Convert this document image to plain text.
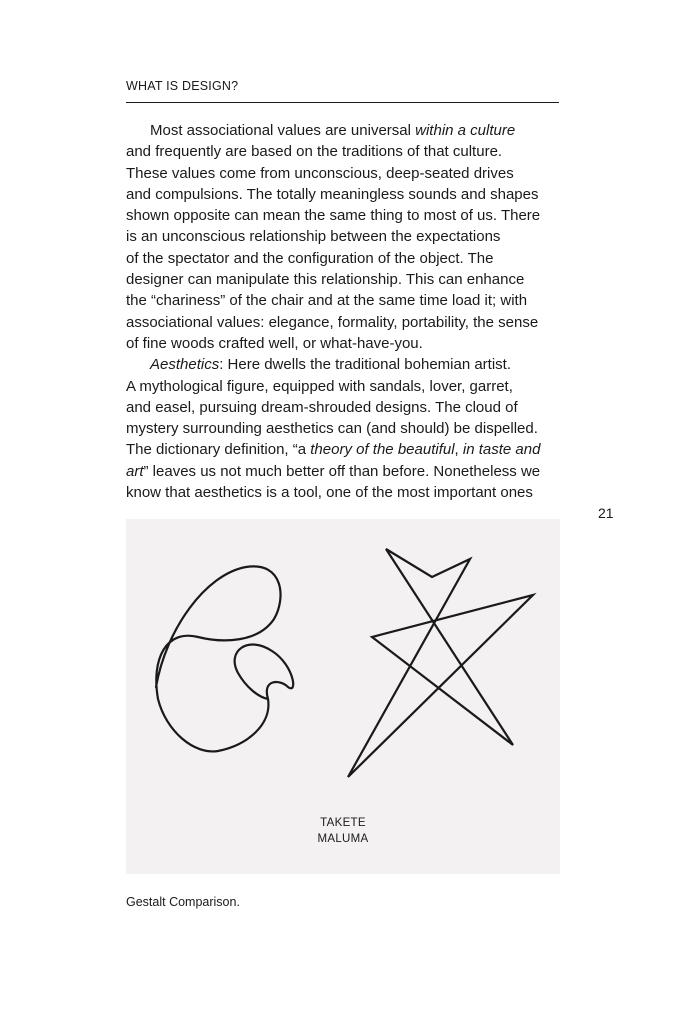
WHAT IS DESIGN?
Most associational values are universal within a culture
and frequently are based on the traditions of that culture.
These values come from unconscious, deep-seated drives
and compulsions. The totally meaningless sounds and shapes
shown opposite can mean the same thing to most of us. There
is an unconscious relationship between the expectations
of the spectator and the configuration of the object. The
designer can manipulate this relationship. This can enhance
the “chariness” of the chair and at the same time load it; with
associational values: elegance, formality, portability, the sense
of fine woods crafted well, or what-have-you.
Aesthetics: Here dwells the traditional bohemian artist.
A mythological figure, equipped with sandals, lover, garret,
and easel, pursuing dream-shrouded designs. The cloud of
mystery surrounding aesthetics can (and should) be dispelled.
The dictionary definition, “a theory of the beautiful, in taste and
art” leaves us not much better off than before. Nonetheless we
know that aesthetics is a tool, one of the most important ones
21
TAKETE
MALUMA
Gestalt Comparison.
